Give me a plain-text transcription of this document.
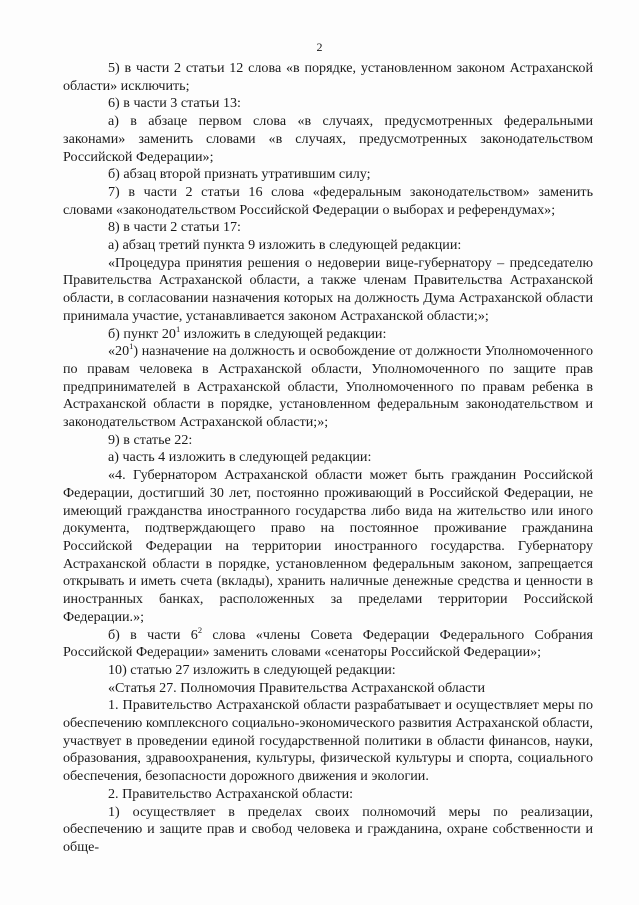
2

5) в части 2 статьи 12 слова «в порядке, установленном законом Астраханской области» исключить;

6) в части 3 статьи 13:

а) в абзаце первом слова «в случаях, предусмотренных федеральными законами» заменить словами «в случаях, предусмотренных законодательством Российской Федерации»;

б) абзац второй признать утратившим силу;

7) в части 2 статьи 16 слова «федеральным законодательством» заменить словами «законодательством Российской Федерации о выборах и референдумах»;

8) в части 2 статьи 17:

а) абзац третий пункта 9 изложить в следующей редакции:

«Процедура принятия решения о недоверии вице-губернатору – председателю Правительства Астраханской области, а также членам Правительства Астраханской области, в согласовании назначения которых на должность Дума Астраханской области принимала участие, устанавливается законом Астраханской области;»;

б) пункт $20^1$ изложить в следующей редакции:

«$20^1$) назначение на должность и освобождение от должности Уполномоченного по правам человека в Астраханской области, Уполномоченного по защите прав предпринимателей в Астраханской области, Уполномоченного по правам ребенка в Астраханской области в порядке, установленном федеральным законодательством и законодательством Астраханской области;»;

9) в статье 22:

а) часть 4 изложить в следующей редакции:

«4. Губернатором Астраханской области может быть гражданин Российской Федерации, достигший 30 лет, постоянно проживающий в Российской Федерации, не имеющий гражданства иностранного государства либо вида на жительство или иного документа, подтверждающего право на постоянное проживание гражданина Российской Федерации на территории иностранного государства. Губернатору Астраханской области в порядке, установленном федеральным законом, запрещается открывать и иметь счета (вклады), хранить наличные денежные средства и ценности в иностранных банках, расположенных за пределами территории Российской Федерации.»;

б) в части $6^2$ слова «члены Совета Федерации Федерального Собрания Российской Федерации» заменить словами «сенаторы Российской Федерации»;

10) статью 27 изложить в следующей редакции:

«Статья 27. Полномочия Правительства Астраханской области

1. Правительство Астраханской области разрабатывает и осуществляет меры по обеспечению комплексного социально-экономического развития Астраханской области, участвует в проведении единой государственной политики в области финансов, науки, образования, здравоохранения, культуры, физической культуры и спорта, социального обеспечения, безопасности дорожного движения и экологии.

2. Правительство Астраханской области:

1) осуществляет в пределах своих полномочий меры по реализации, обеспечению и защите прав и свобод человека и гражданина, охране собственности и обще-
